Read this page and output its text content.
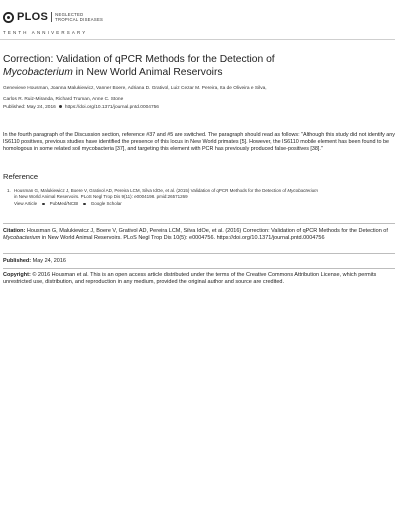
PLOS NEGLECTED
TROPICAL DISEASES
TENTH ANNIVERSARY
Correction: Validation of qPCR Methods for the Detection of
Mycobacterium in New World Animal Reservoirs
Genevieve Housman, Joanna Malukiewicz, Vanner Boere, Adriana D. Grativol, Luiz Cezar M. Pereira, Ita de Oliveira e Silva,
Carlos R. Ruiz-Miranda, Richard Truman, Anne C. Stone
Published: May 24, 2016 https://doi.org/10.1371/journal.pntd.0004756
In the fourth paragraph of the Discussion section, reference #37 and #5 are switched. The paragraph should read as follows: "Although this study did not identify any IS6110 positives, previous studies have identified the presence of this locus in New World primates [5]. However, the IS6110 mobile element has been found to be homologous in some related soil mycobacteria [37], and targeting this element with PCR has previously produced false-positives [38]."
Reference
1. Housman G, Malukiewicz J, Boere V, Grativol AD, Pereira LCM, Silva IdOe, et al. (2015) Validation of qPCR Methods for the Detection of Mycobacterium
in New World Animal Reservoirs. PLoS Negl Trop Dis 9(11): e0004198. pmid:26571269
View Article	PubMed/NCBI	Google Scholar
Citation: Housman G, Malukiewicz J, Boere V, Grativol AD, Pereira LCM, Silva IdOe, et al. (2016) Correction: Validation of qPCR Methods for the Detection of Mycobacterium in New World Animal Reservoirs. PLoS Negl Trop Dis 10(5): e0004756. https://doi.org/10.1371/journal.pntd.0004756
Published: May 24, 2016
Copyright: © 2016 Housman et al. This is an open access article distributed under the terms of the Creative Commons Attribution License, which permits unrestricted use, distribution, and reproduction in any medium, provided the original author and source are credited.
